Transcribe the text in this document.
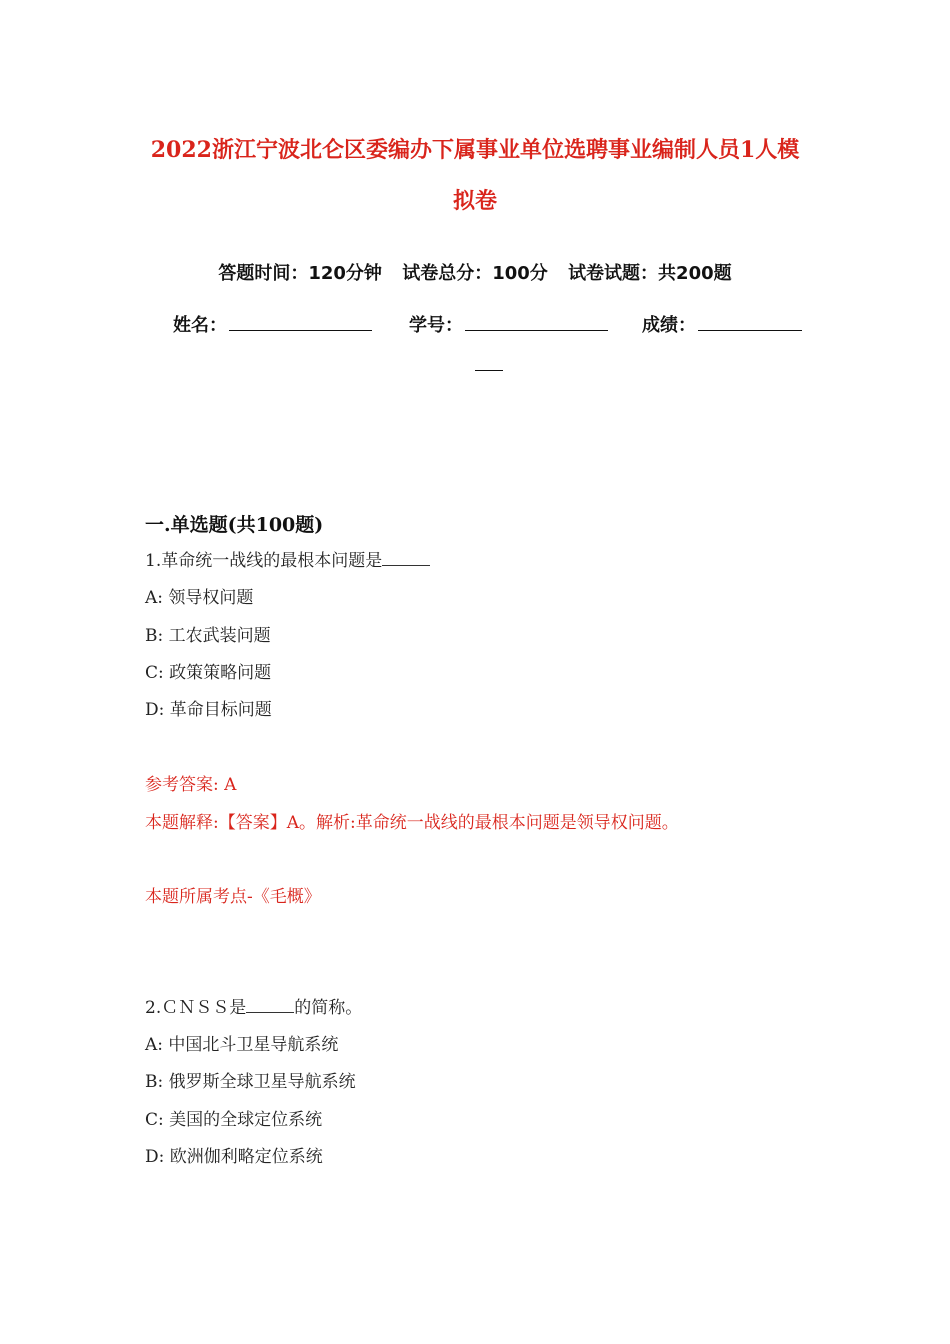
2022浙江宁波北仑区委编办下属事业单位选聘事业编制人员1人模
拟卷
答题时间：120分钟 试卷总分：100分 试卷试题：共200题
姓名：	学号：	成绩：
一.单选题(共100题)
1.革命统一战线的最根本问题是
A: 领导权问题
B: 工农武装问题
C: 政策策略问题
D: 革命目标问题
参考答案: A
本题解释:【答案】A。解析:革命统一战线的最根本问题是领导权问题。
本题所属考点-《毛概》
2.ＣＮＳＳ是	的简称。
A: 中国北斗卫星导航系统
B: 俄罗斯全球卫星导航系统
C: 美国的全球定位系统
D: 欧洲伽利略定位系统
